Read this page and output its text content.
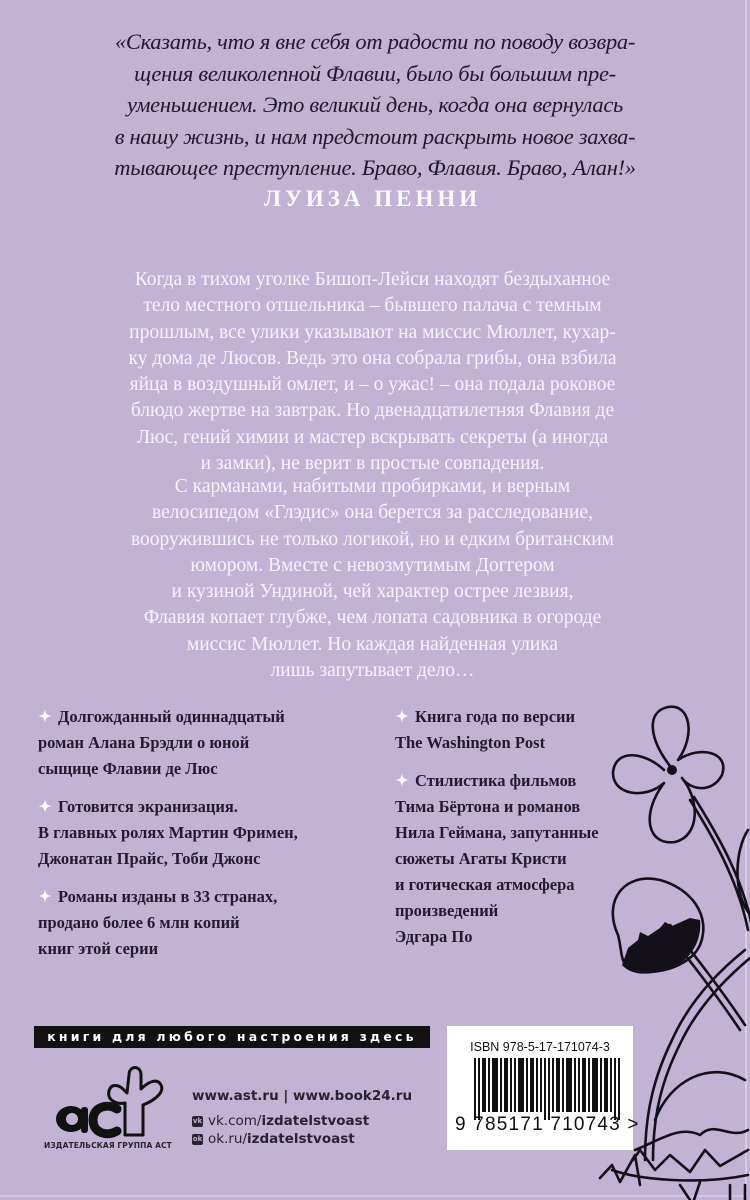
«Сказать, что я вне себя от радости по поводу возвра-
щения великолепной Флавии, было бы большим пре-
уменьшением. Это великий день, когда она вернулась
в нашу жизнь, и нам предстоит раскрыть новое захва-
тывающее преступление. Браво, Флавия. Браво, Алан!»
ЛУИЗА ПЕННИ
Когда в тихом уголке Бишоп-Лейси находят бездыханное
тело местного отшельника – бывшего палача с темным
прошлым, все улики указывают на миссис Мюллет, кухар-
ку дома де Люсов. Ведь это она собрала грибы, она взбила
яйца в воздушный омлет, и – о ужас! – она подала роковое
блюдо жертве на завтрак. Но двенадцатилетняя Флавия де
Люс, гений химии и мастер вскрывать секреты (а иногда
и замки), не верит в простые совпадения.
С карманами, набитыми пробирками, и верным
велосипедом «Глэдис» она берется за расследование,
вооружившись не только логикой, но и едким британским
юмором. Вместе с невозмутимым Доггером
и кузиной Ундиной, чей характер острее лезвия,
Флавия копает глубже, чем лопата садовника в огороде
миссис Мюллет. Но каждая найденная улика
лишь запутывает дело…
Долгожданный одиннадцатый
роман Алана Брэдли о юной
сыщице Флавии де Люс
Готовится экранизация.
В главных ролях Мартин Фримен,
Джонатан Прайс, Тоби Джонс
Романы изданы в 33 странах,
продано более 6 млн копий
книг этой серии
Книга года по версии
The Washington Post
Стилистика фильмов
Тима Бёртона и романов
Нила Геймана, запутанные
сюжеты Агаты Кристи
и готическая атмосфера
произведений
Эдгара По
книги для любого настроения здесь
ИЗДАТЕЛЬСКАЯ ГРУППА АСТ
www.ast.ru | www.book24.ru
vk vk.com/ izdatelstvoast
ok ok.ru/ izdatelstvoast
ISBN 978-5-17-171074-3
9 785171 710743 >
